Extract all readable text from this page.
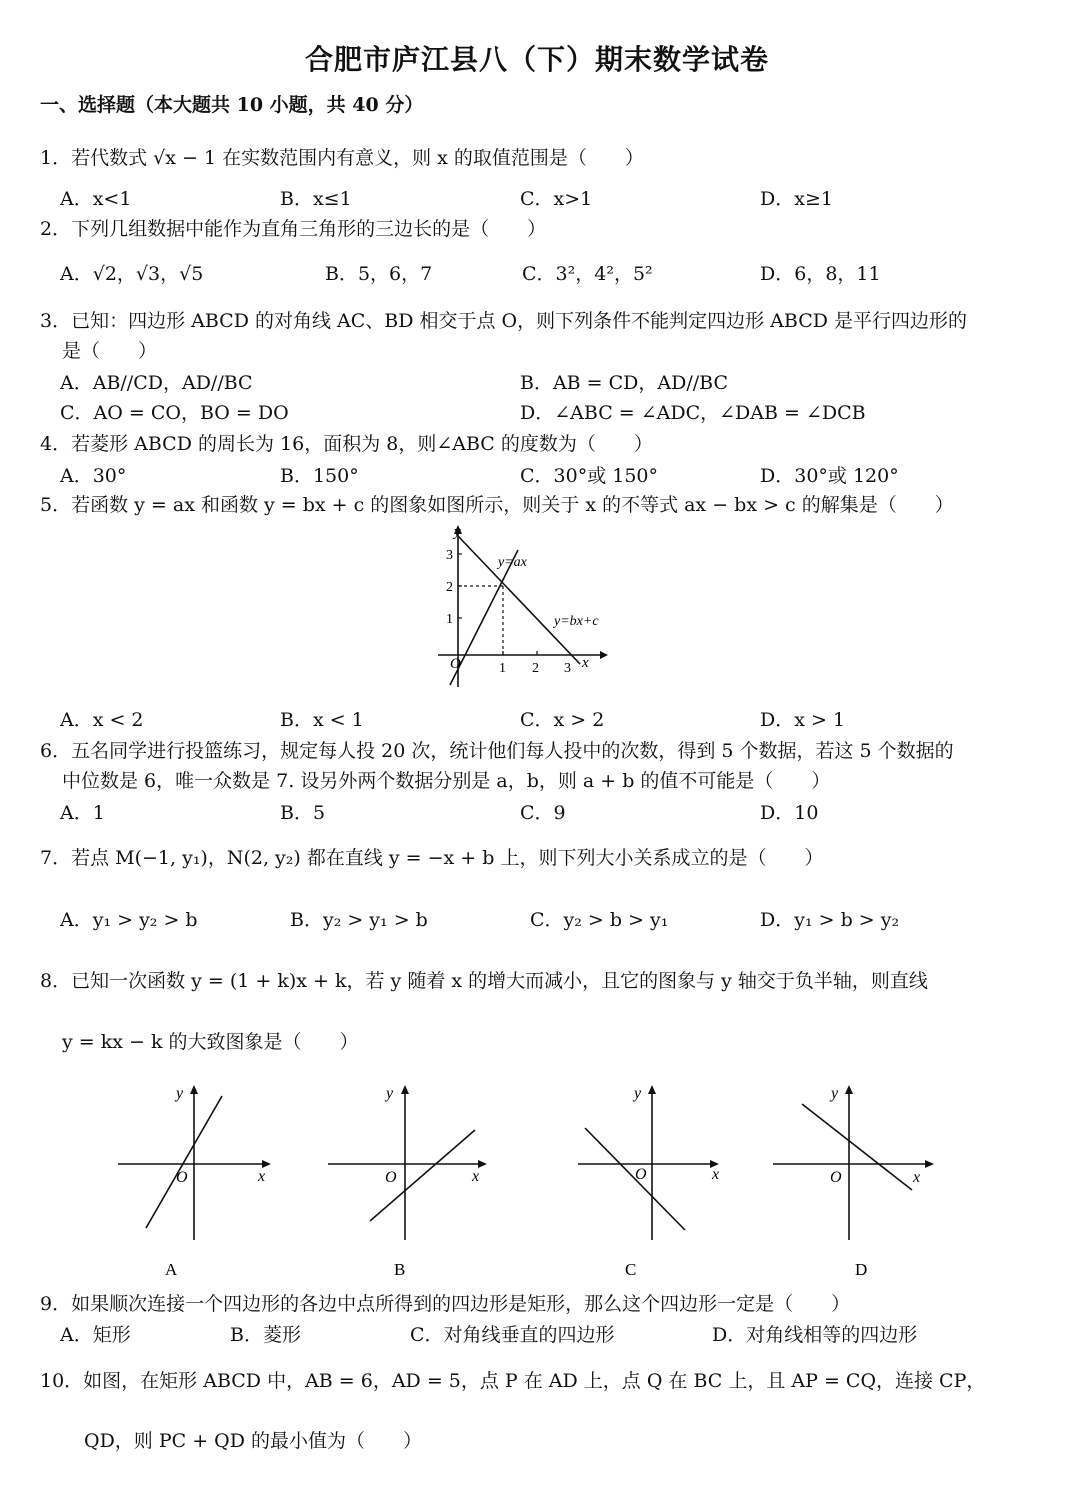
合肥市庐江县八（下）期末数学试卷
一、选择题（本大题共 10 小题，共 40 分）
1．若代数式 √x − 1 在实数范围内有意义，则 x 的取值范围是（　　）
A．x<1	B．x≤1	C．x>1	D．x≥1
2．下列几组数据中能作为直角三角形的三边长的是（　　）
A．√2，√3，√5	B．5，6，7	C．3²，4²，5²	D．6，8，11
3．已知：四边形 ABCD 的对角线 AC、BD 相交于点 O，则下列条件不能判定四边形 ABCD 是平行四边形的
是（　　）
A．AB//CD，AD//BC	B．AB = CD，AD//BC
C．AO = CO，BO = DO	D．∠ABC = ∠ADC，∠DAB = ∠DCB
4．若菱形 ABCD 的周长为 16，面积为 8，则∠ABC 的度数为（　　）
A．30°	B．150°	C．30°或 150°	D．30°或 120°
5．若函数 y = ax 和函数 y = bx + c 的图象如图所示，则关于 x 的不等式 ax − bx > c 的解集是（　　）
y
x
O	1 2 3
1
2
3	y=ax
y=bx+c
A．x < 2	B．x < 1	C．x > 2	D．x > 1
6．五名同学进行投篮练习，规定每人投 20 次，统计他们每人投中的次数，得到 5 个数据，若这 5 个数据的
中位数是 6，唯一众数是 7. 设另外两个数据分别是 a，b，则 a + b 的值不可能是（　　）
A．1	B．5	C．9	D．10
7．若点 M(−1, y₁)，N(2, y₂) 都在直线 y = −x + b 上，则下列大小关系成立的是（　　）
A．y₁ > y₂ > b	B．y₂ > y₁ > b	C．y₂ > b > y₁	D．y₁ > b > y₂
8．已知一次函数 y = (1 + k)x + k，若 y 随着 x 的增大而减小，且它的图象与 y 轴交于负半轴，则直线
y = kx − k 的大致图象是（　　）
y
x
O
A
y
x
O
B
y
x
O
C
y
x
O
D
9．如果顺次连接一个四边形的各边中点所得到的四边形是矩形，那么这个四边形一定是（　　）
A．矩形	B．菱形	C．对角线垂直的四边形	D．对角线相等的四边形
10．如图，在矩形 ABCD 中，AB = 6，AD = 5，点 P 在 AD 上，点 Q 在 BC 上，且 AP = CQ，连接 CP，
QD，则 PC + QD 的最小值为（　　）
